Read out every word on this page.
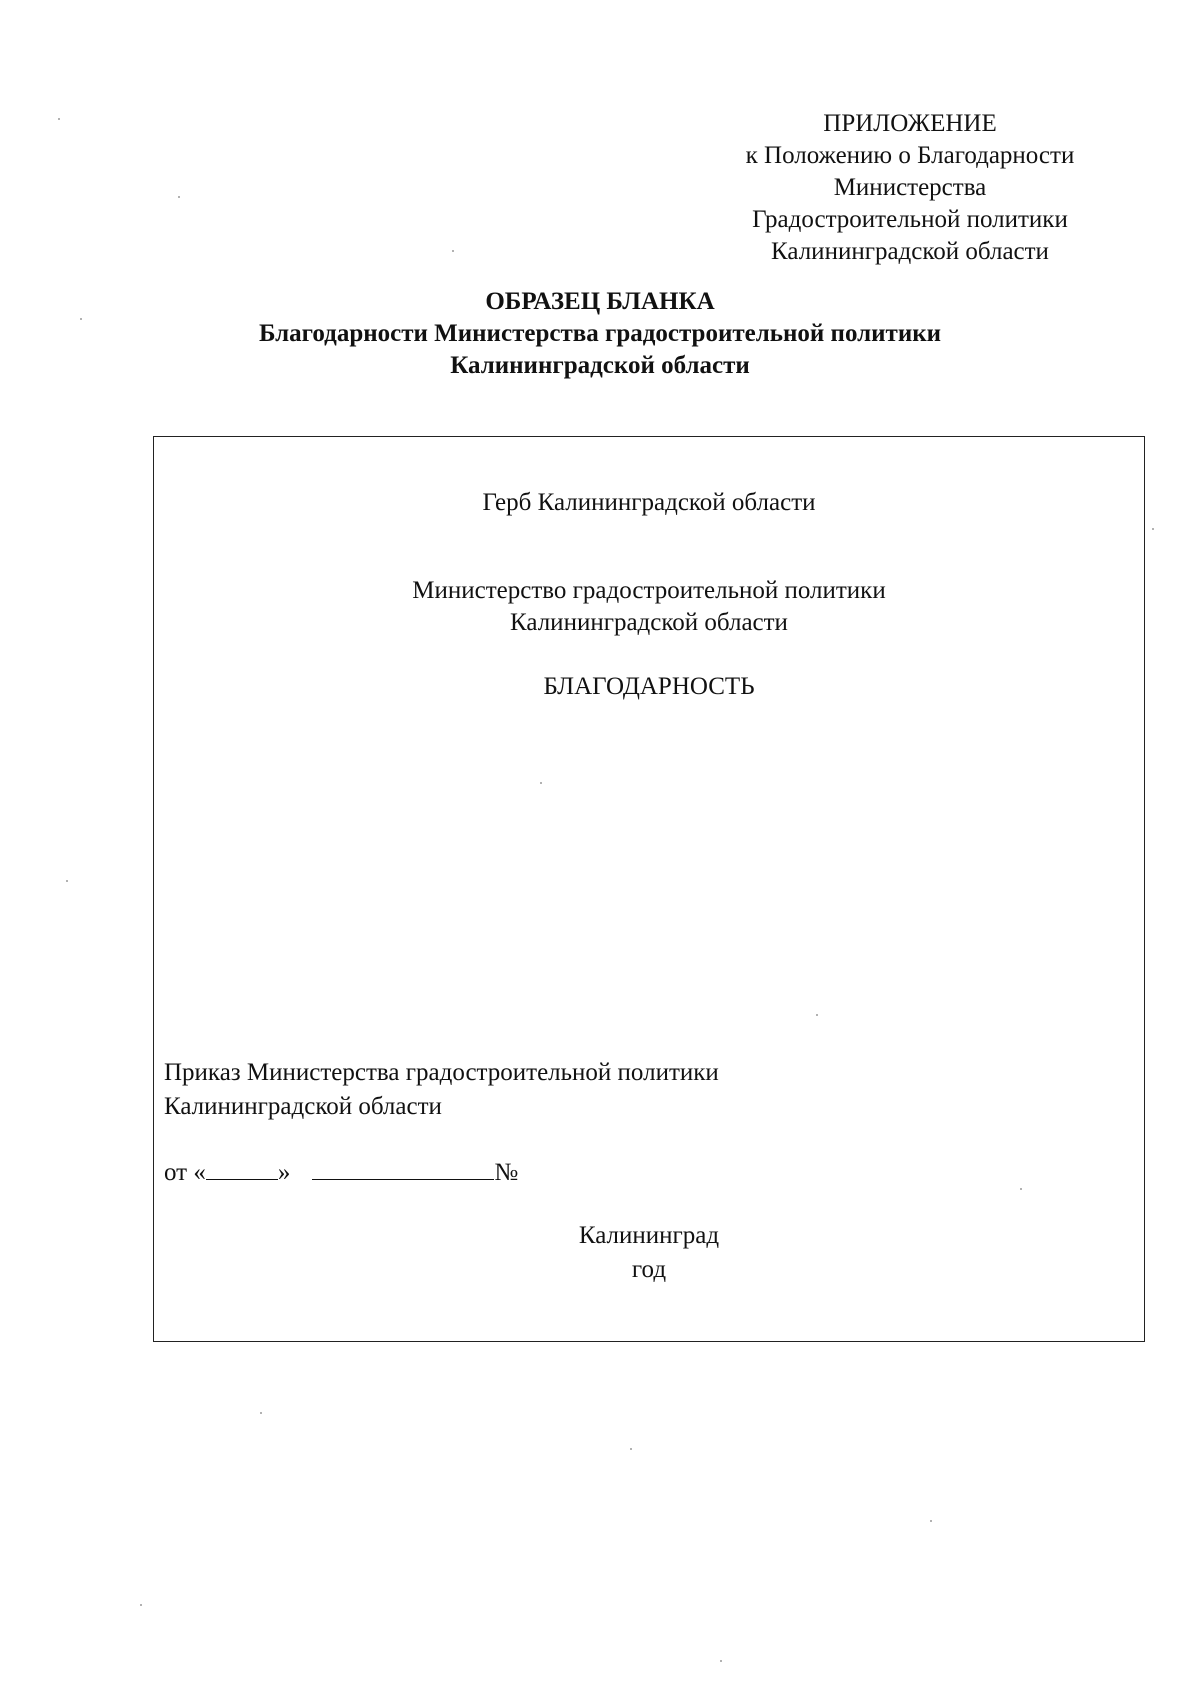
ПРИЛОЖЕНИЕ
к Положению о Благодарности
Министерства
Градостроительной политики
Калининградской области
ОБРАЗЕЦ БЛАНКА
Благодарности Министерства градостроительной политики
Калининградской области
Герб Калининградской области
Министерство градостроительной политики
Калининградской области
БЛАГОДАРНОСТЬ
Приказ Министерства градостроительной политики
Калининградской области
от «	»	№
Калининград
год
